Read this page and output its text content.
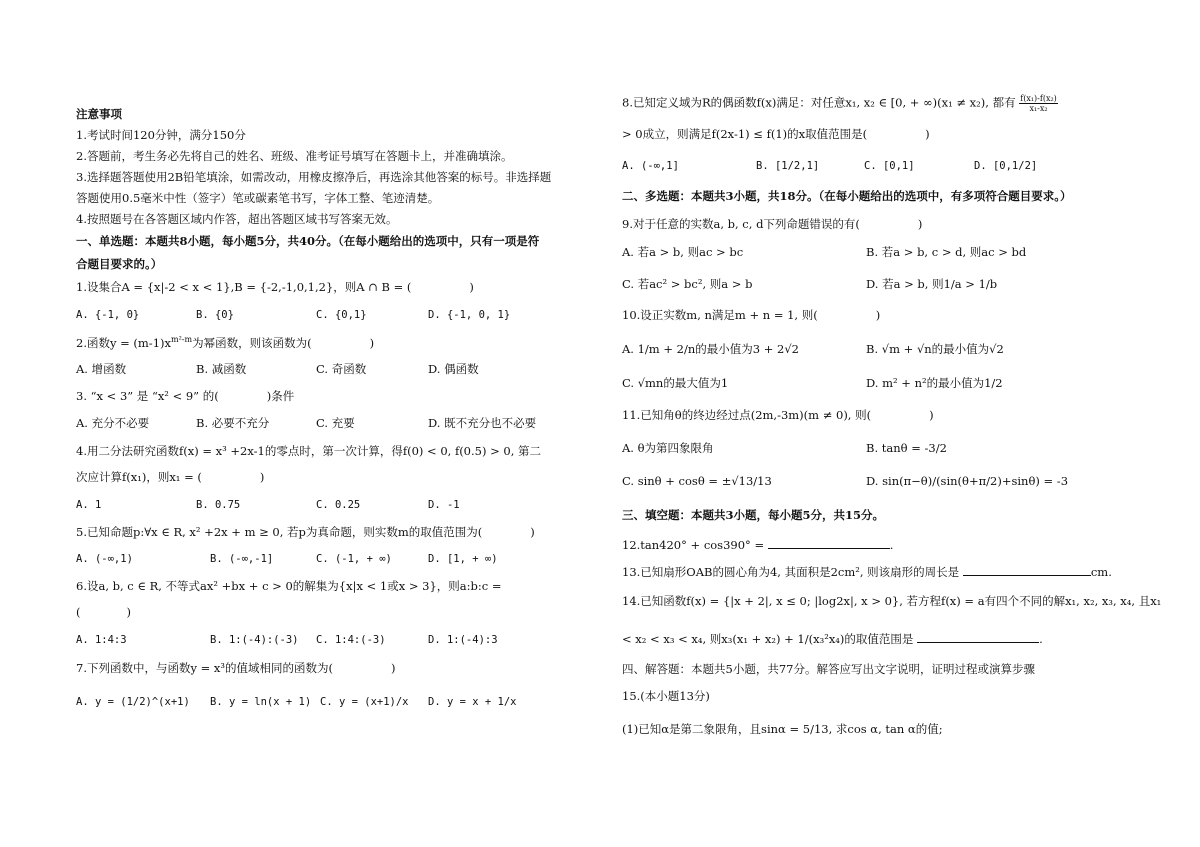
注意事项
1.考试时间120分钟，满分150分
2.答题前，考生务必先将自己的姓名、班级、准考证号填写在答题卡上，并准确填涂。
3.选择题答题使用2B铅笔填涂，如需改动，用橡皮擦净后，再选涂其他答案的标号。非选择题
答题使用0.5毫米中性（签字）笔或碳素笔书写，字体工整、笔迹清楚。
4.按照题号在各答题区域内作答，超出答题区域书写答案无效。
一、单选题：本题共8小题，每小题5分，共40分。（在每小题给出的选项中，只有一项是符
合题目要求的。）
1.设集合A = {x|-2 < x < 1},B = {-2,-1,0,1,2}，则A ∩ B = (	)
A. {-1, 0}	B. {0}	C. {0,1}	D. {-1, 0, 1}
2.函数$y = (m-1)x^{m^2-m}$为幂函数，则该函数为(	)
A. 增函数	B. 减函数	C. 奇函数	D. 偶函数
3. “x < 3” 是 “x² < 9” 的(	)条件
A. 充分不必要	B. 必要不充分	C. 充要	D. 既不充分也不必要
4.用二分法研究函数f(x) = x³ +2x-1的零点时，第一次计算，得f(0) < 0, f(0.5) > 0, 第二
次应计算f(x₁)，则x₁ = (	)
A. 1	B. 0.75	C. 0.25	D. -1
5.已知命题p:∀x ∈ R, x² +2x + m ≥ 0, 若p为真命题，则实数m的取值范围为(	)
A. (-∞,1)	B. (-∞,-1]	C. (-1, + ∞)	D. [1, + ∞)
6.设a, b, c ∈ R, 不等式ax² +bx + c > 0的解集为{x|x < 1或x > 3}，则a:b:c =
(	)
A. 1:4:3	B. 1:(-4):(-3) C. 1:4:(-3)	D. 1:(-4):3
7.下列函数中，与函数y = x³的值域相同的函数为(	)
A. y = (1/2)^(x+1) B. y = ln(x + 1) C. y = (x+1)/x D. y = x + 1/x
8.已知定义域为R的偶函数f(x)满足：对任意x₁, x₂ ∈ [0, + ∞)(x₁ ≠ x₂), 都有 $\frac{\text{f(x₁)-f(x₂)}}{\text{x₁-x₂}}$
> 0成立，则满足f(2x-1) ≤ f(1)的x取值范围是(	)
A. (-∞,1]	B. [1/2,1]	C. [0,1]	D. [0,1/2]
二、多选题：本题共3小题，共18分。（在每小题给出的选项中，有多项符合题目要求。）
9.对于任意的实数a, b, c, d下列命题错误的有(	)
A. 若a > b, 则ac > bc	B. 若a > b, c > d, 则ac > bd
C. 若ac² > bc², 则a > b	D. 若a > b, 则1/a > 1/b
10.设正实数m, n满足m + n = 1, 则(	)
A. 1/m + 2/n的最小值为3 + 2√2	B. √m + √n的最小值为√2
C. √mn的最大值为1	D. m² + n²的最小值为1/2
11.已知角θ的终边经过点(2m,-3m)(m ≠ 0), 则(	)
A. θ为第四象限角	B. tanθ = -3/2
C. sinθ + cosθ = ±√13/13	D. sin(π−θ)/(sin(θ+π/2)+sinθ) = -3
三、填空题：本题共3小题，每小题5分，共15分。
12.tan420° + cos390° =	.
13.已知扇形OAB的圆心角为4, 其面积是2cm², 则该扇形的周长是	cm.
14.已知函数f(x) = {|x + 2|, x ≤ 0; |log2x|, x > 0}, 若方程f(x) = a有四个不同的解x₁, x₂, x₃, x₄, 且x₁
< x₂ < x₃ < x₄, 则x₃(x₁ + x₂) + 1/(x₃²x₄)的取值范围是	.
四、解答题：本题共5小题，共77分。解答应写出文字说明，证明过程或演算步骤
15.(本小题13分)
(1)已知α是第二象限角，且sinα = 5/13, 求cos α, tan α的值;
